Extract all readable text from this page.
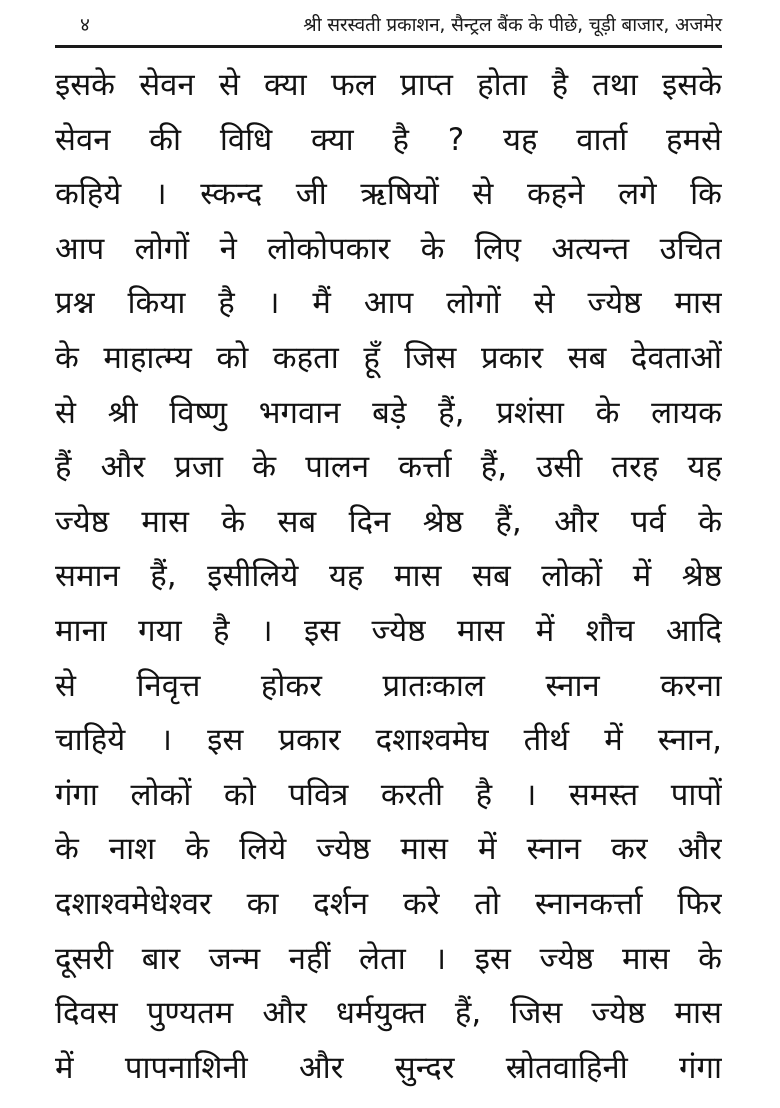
४	श्री सरस्वती प्रकाशन, सैन्ट्रल बैंक के पीछे, चूड़ी बाजार, अजमेर
इसके सेवन से क्या फल प्राप्त होता है तथा इसके
सेवन की विधि क्या है ? यह वार्ता हमसे
कहिये । स्कन्द जी ऋषियों से कहने लगे कि
आप लोगों ने लोकोपकार के लिए अत्यन्त उचित
प्रश्न किया है । मैं आप लोगों से ज्येष्ठ मास
के माहात्म्य को कहता हूँ जिस प्रकार सब देवताओं
से श्री विष्णु भगवान बड़े हैं, प्रशंसा के लायक
हैं और प्रजा के पालन कर्त्ता हैं, उसी तरह यह
ज्येष्ठ मास के सब दिन श्रेष्ठ हैं, और पर्व के
समान हैं, इसीलिये यह मास सब लोकों में श्रेष्ठ
माना गया है । इस ज्येष्ठ मास में शौच आदि
से निवृत्त होकर प्रातःकाल स्नान करना
चाहिये । इस प्रकार दशाश्वमेघ तीर्थ में स्नान,
गंगा लोकों को पवित्र करती है । समस्त पापों
के नाश के लिये ज्येष्ठ मास में स्नान कर और
दशाश्वमेधेश्वर का दर्शन करे तो स्नानकर्त्ता फिर
दूसरी बार जन्म नहीं लेता । इस ज्येष्ठ मास के
दिवस पुण्यतम और धर्मयुक्त हैं, जिस ज्येष्ठ मास
में पापनाशिनी और सुन्दर स्रोतवाहिनी गंगा
